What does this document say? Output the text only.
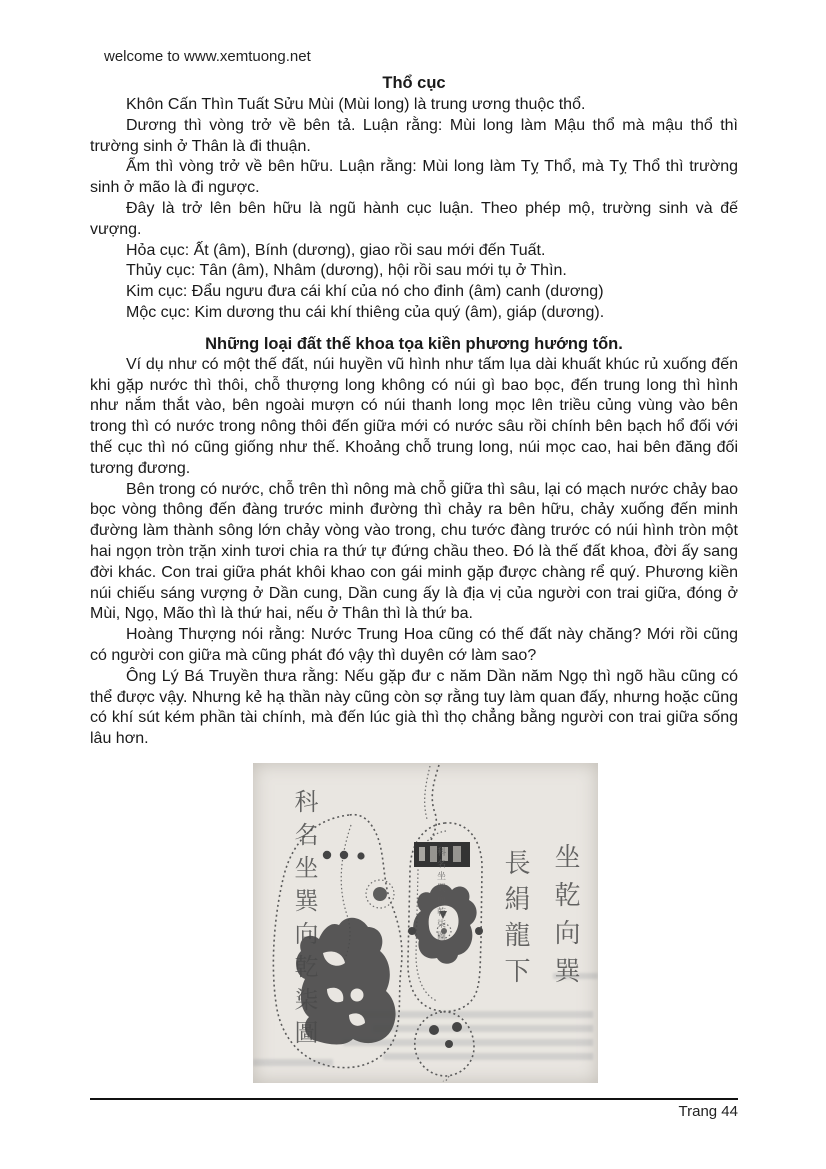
welcome to www.xemtuong.net
Thổ cục

Khôn Cấn Thìn Tuất Sửu Mùi (Mùi long) là trung ương thuộc thổ.

Dương thì vòng trở về bên tả. Luận rằng: Mùi long làm Mậu thổ mà mậu thổ thì trường sinh ở Thân là đi thuận.

Ẩm thì vòng trở về bên hữu. Luận rằng: Mùi long làm Tỵ Thổ, mà Tỵ Thổ thì trường sinh ở mão là đi ngược.

Đây là trở lên bên hữu là ngũ hành cục luận. Theo phép mộ, trường sinh và đế vượng.

Hỏa cục: Ất (âm), Bính (dương), giao rồi sau mới đến Tuất.

Thủy cục: Tân (âm), Nhâm (dương), hội rồi sau mới tụ ở Thìn.

Kim cục: Đẩu ngưu đưa cái khí của nó cho đinh (âm) canh (dương)

Mộc cục: Kim dương thu cái khí thiêng của quý (âm), giáp (dương).

Những loại đất thế khoa tọa kiền phương hướng tốn.

Ví dụ như có một thế đất, núi huyền vũ hình như tấm lụa dài khuất khúc rủ xuống đến khi gặp nước thì thôi, chỗ thượng long không có núi gì bao bọc, đến trung long thì hình như nắm thắt vào, bên ngoài mượn có núi thanh long mọc lên triều củng vùng vào bên trong thì có nước trong nông thôi đến giữa mới có nước sâu rồi chính bên bạch hổ đối với thế cục thì nó cũng giống như thế. Khoảng chỗ trung long, núi mọc cao, hai bên đăng đối tương đương.

Bên trong có nước, chỗ trên thì nông mà chỗ giữa thì sâu, lại có mạch nước chảy bao bọc vòng thông đến đàng trước minh đường thì chảy ra bên hữu, chảy xuống đến minh đường làm thành sông lớn chảy vòng vào trong, chu tước đàng trước có núi hình tròn một hai ngọn tròn trặn xinh tươi chia ra thứ tự đứng chầu theo. Đó là thế đất khoa, đời ấy sang đời khác. Con trai giữa phát khôi khao con gái minh gặp được chàng rể quý. Phương kiền núi chiếu sáng vượng ở Dần cung, Dần cung ấy là địa vị của người con trai giữa, đóng ở Mùi, Ngọ, Mão thì là thứ hai, nếu ở Thân thì là thứ ba.

Hoàng Thượng nói rằng: Nước Trung Hoa cũng có thế đất này chăng? Mới rồi cũng có người con giữa mà cũng phát đó vậy thì duyên cớ làm sao?

Ông Lý Bá Truyền thưa rằng: Nếu gặp đư c năm Dần năm Ngọ thì ngõ hầu cũng có thể được vậy. Nhưng kẻ hạ thần này cũng còn sợ rằng tuy làm quan đấy, nhưng hoặc cũng có khí sút kém phần tài chính, mà đến lúc già thì thọ chẳng bằng người con trai giữa sống lâu hơn.

科名坐巽向乾柒圖	科名坐巽向乾柒圖 長絹龍下 坐乾向巽
Trang 44
